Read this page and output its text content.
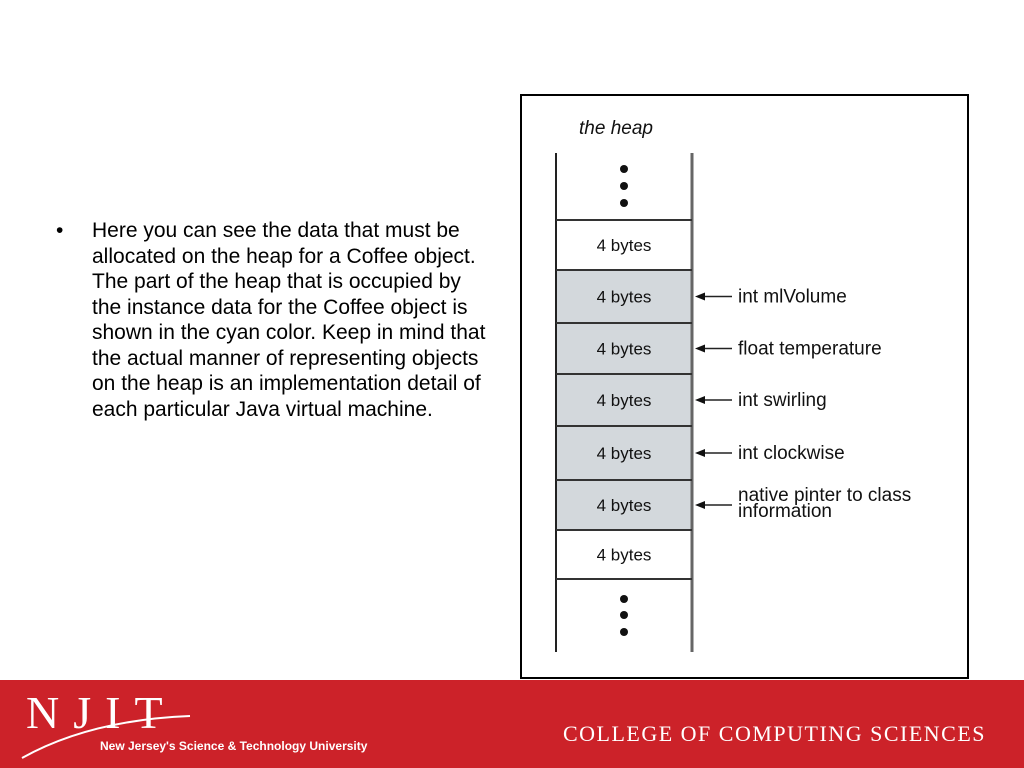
• Here you can see the data that must be allocated on the heap for a Coffee object. The part of the heap that is occupied by the instance data for the Coffee object is shown in the cyan color. Keep in mind that the actual manner of representing objects on the heap is an implementation detail of each particular Java virtual machine.
the heap
4 bytes
4 bytes	int mlVolume
4 bytes	float temperature
4 bytes	int swirling
4 bytes	int clockwise
4 bytes	native pinter to class
information
4 bytes
NJIT
New Jersey's Science & Technology University	COLLEGE OF COMPUTING SCIENCES
